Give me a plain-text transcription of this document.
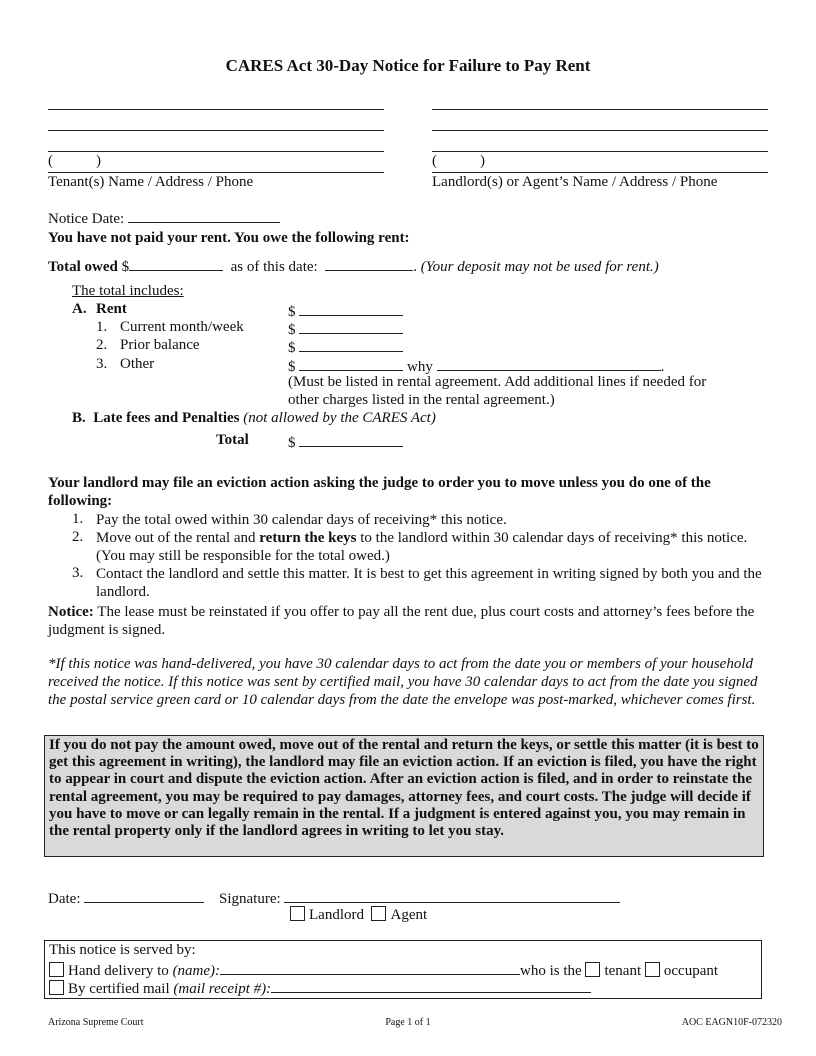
CARES Act 30-Day Notice for Failure to Pay Rent
(	)
Tenant(s) Name / Address / Phone
(	)
Landlord(s) or Agent’s Name / Address / Phone
Notice Date:
You have not paid your rent. You owe the following rent:
Total owed $	as of this date:	. (Your deposit may not be used for rent.)
The total includes:
A. Rent	$
1. Current month/week	$
2. Prior balance	$
3. Other	$	why	.
(Must be listed in rental agreement. Add additional lines if needed for
other charges listed in the rental agreement.)
B. Late fees and Penalties (not allowed by the CARES Act)
Total	$
Your landlord may file an eviction action asking the judge to order you to move unless you do one of the following:
1. Pay the total owed within 30 calendar days of receiving* this notice.
2. Move out of the rental and return the keys to the landlord within 30 calendar days of receiving* this notice. (You may still be responsible for the total owed.)
3. Contact the landlord and settle this matter. It is best to get this agreement in writing signed by both you and the landlord.
Notice: The lease must be reinstated if you offer to pay all the rent due, plus court costs and attorney’s fees before the judgment is signed.
*If this notice was hand-delivered, you have 30 calendar days to act from the date you or members of your household received the notice. If this notice was sent by certified mail, you have 30 calendar days to act from the date you signed the postal service green card or 10 calendar days from the date the envelope was post-marked, whichever comes first.
If you do not pay the amount owed, move out of the rental and return the keys, or settle this matter (it is best to get this agreement in writing), the landlord may file an eviction action. If an eviction is filed, you have the right to appear in court and dispute the eviction action. After an eviction action is filed, and in order to reinstate the rental agreement, you may be required to pay damages, attorney fees, and court costs. The judge will decide if you have to move or can legally remain in the rental. If a judgment is entered against you, you may remain in the rental property only if the landlord agrees in writing to let you stay.
Date:	Signature:
Landlord Agent
This notice is served by:
Hand delivery to (name):	who is the tenant occupant
By certified mail (mail receipt #):
Arizona Supreme Court	Page 1 of 1	AOC EAGN10F-072320
